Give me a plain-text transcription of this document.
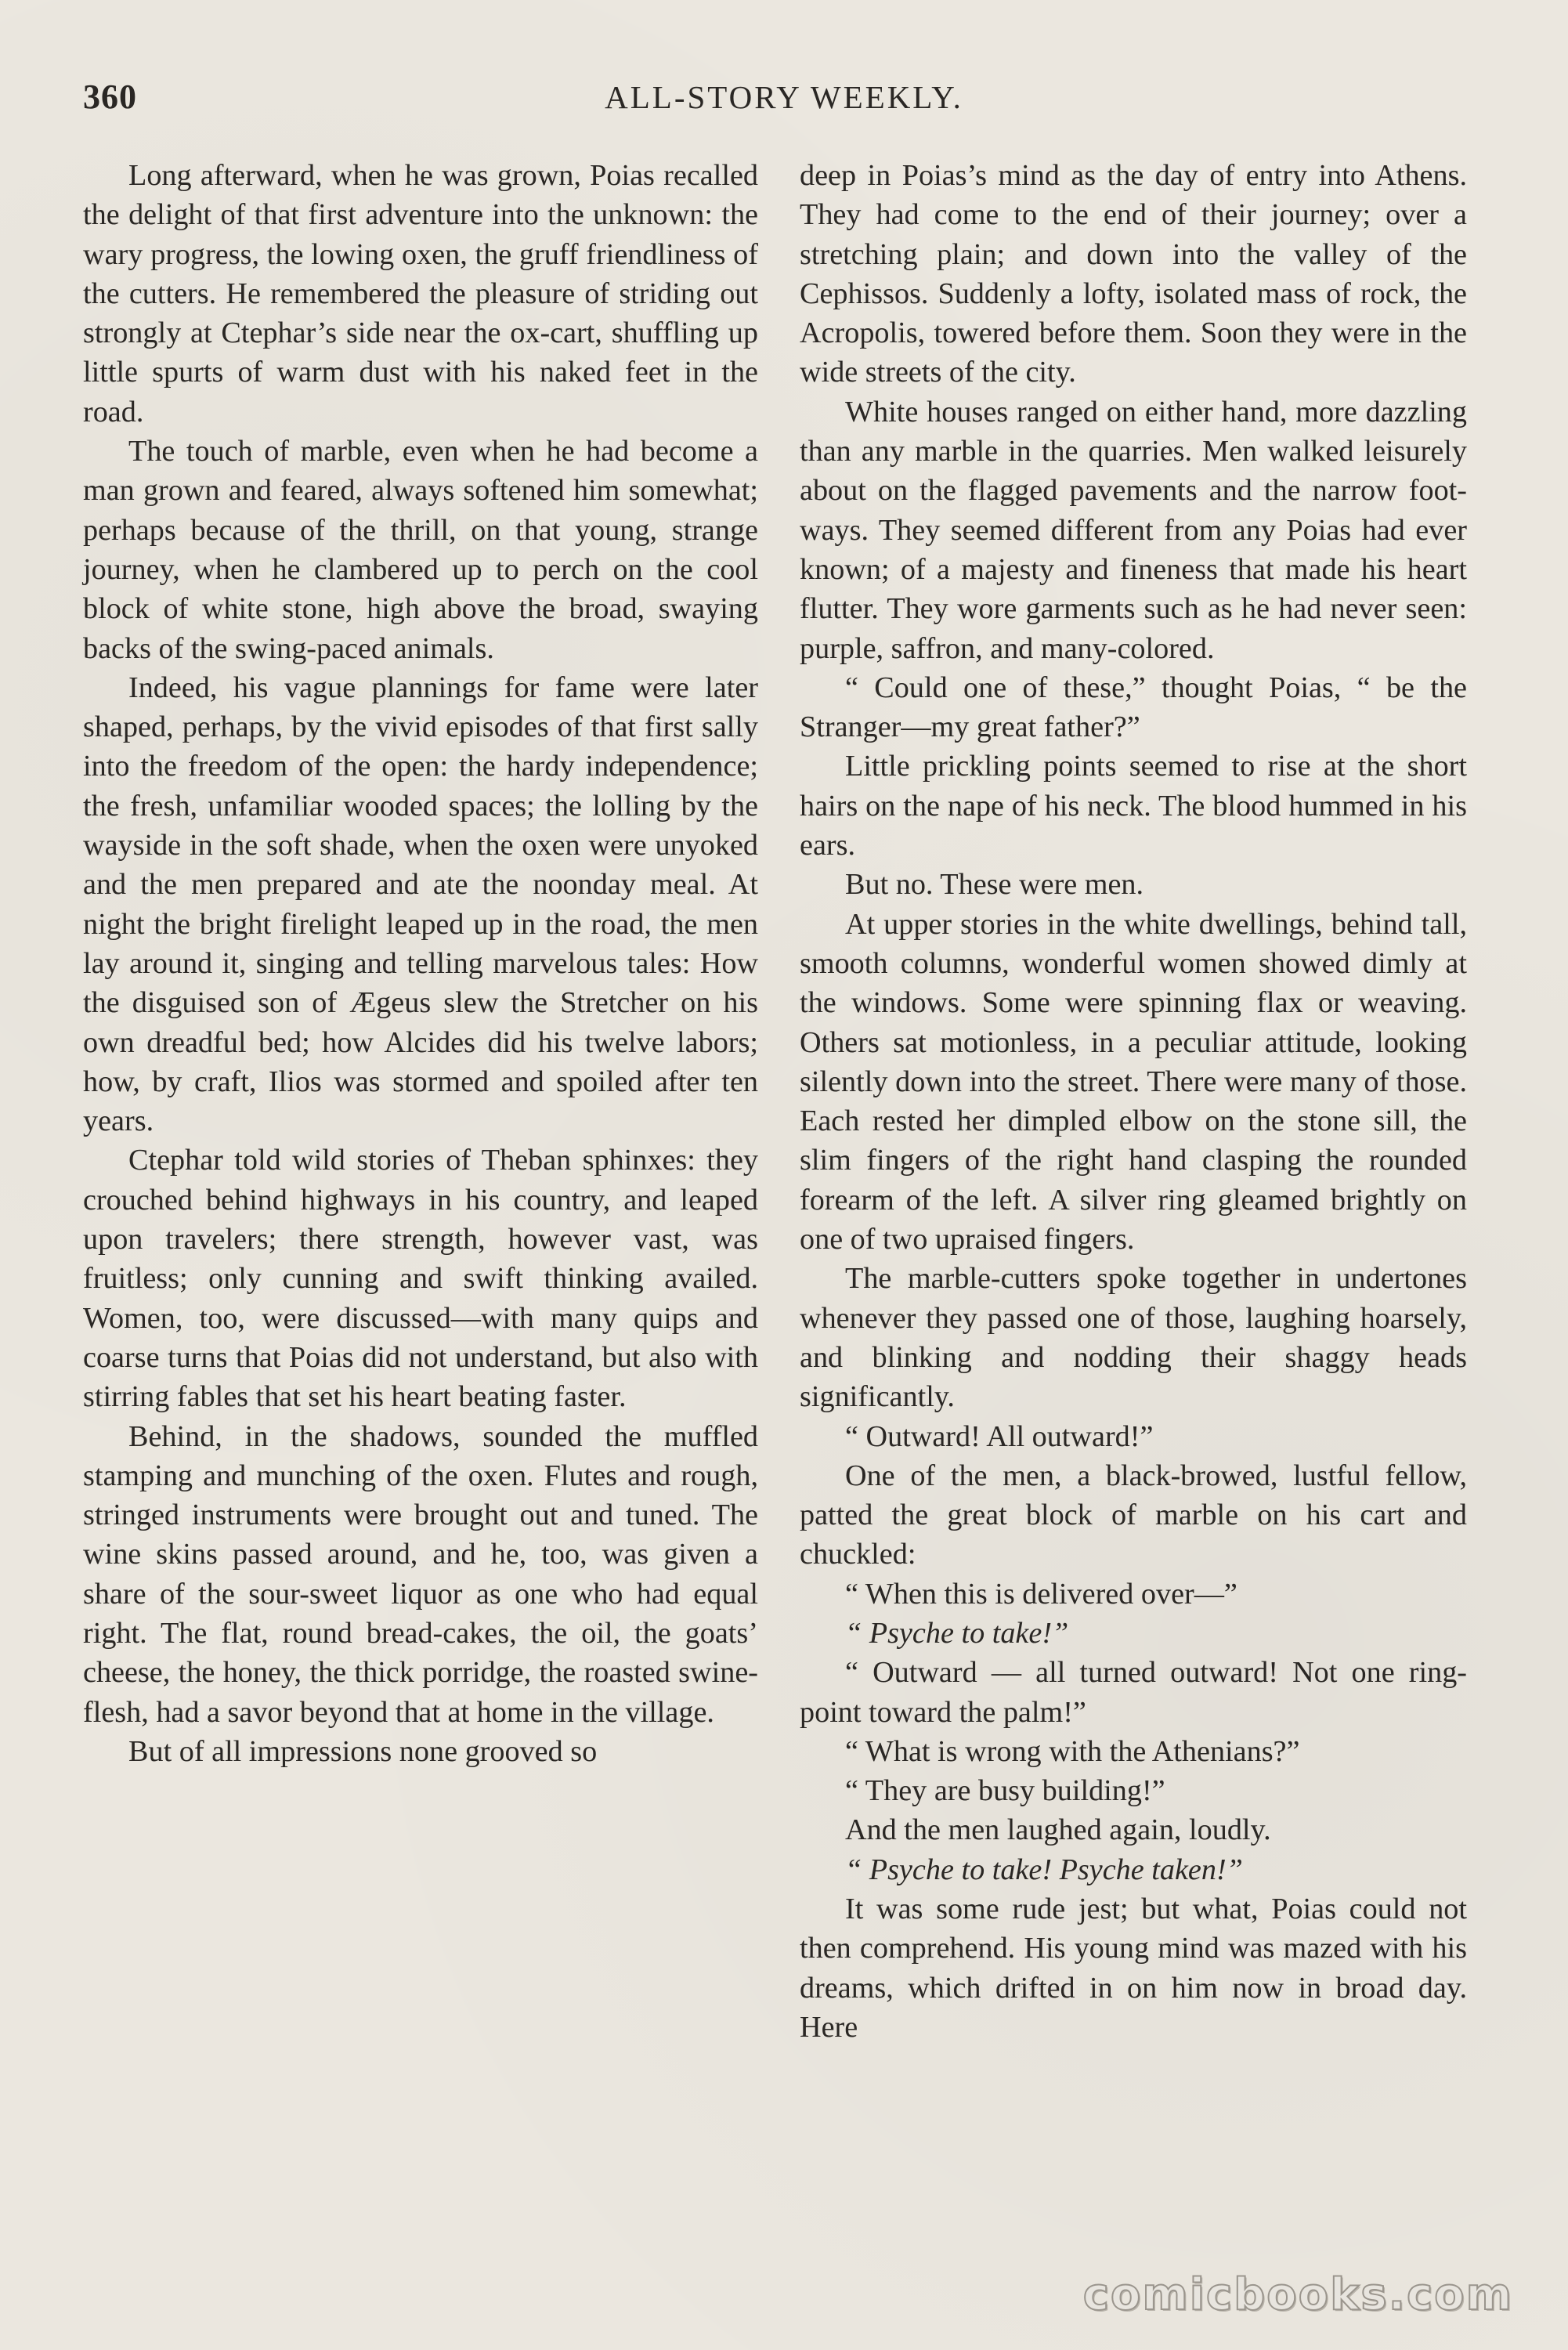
360	ALL-STORY WEEKLY.

Long afterward, when he was grown, Poias recalled the delight of that first adventure into the unknown: the wary progress, the lowing oxen, the gruff friendliness of the cutters. He remembered the pleasure of striding out strongly at Ctephar’s side near the ox-cart, shuffling up little spurts of warm dust with his naked feet in the road.

The touch of marble, even when he had become a man grown and feared, always softened him somewhat; perhaps because of the thrill, on that young, strange journey, when he clambered up to perch on the cool block of white stone, high above the broad, swaying backs of the swing-paced animals.

Indeed, his vague plannings for fame were later shaped, perhaps, by the vivid episodes of that first sally into the freedom of the open: the hardy independence; the fresh, unfamiliar wooded spaces; the lolling by the wayside in the soft shade, when the oxen were unyoked and the men prepared and ate the noonday meal. At night the bright firelight leaped up in the road, the men lay around it, singing and telling marvelous tales: How the disguised son of Ægeus slew the Stretcher on his own dreadful bed; how Alcides did his twelve labors; how, by craft, Ilios was stormed and spoiled after ten years.

Ctephar told wild stories of Theban sphinxes: they crouched behind highways in his country, and leaped upon travelers; there strength, however vast, was fruitless; only cunning and swift thinking availed. Women, too, were discussed—with many quips and coarse turns that Poias did not understand, but also with stirring fables that set his heart beating faster.

Behind, in the shadows, sounded the muffled stamping and munching of the oxen. Flutes and rough, stringed instruments were brought out and tuned. The wine skins passed around, and he, too, was given a share of the sour-sweet liquor as one who had equal right. The flat, round bread-cakes, the oil, the goats’ cheese, the honey, the thick porridge, the roasted swine-flesh, had a savor beyond that at home in the village.

But of all impressions none grooved so

deep in Poias’s mind as the day of entry into Athens. They had come to the end of their journey; over a stretching plain; and down into the valley of the Cephissos. Suddenly a lofty, isolated mass of rock, the Acropolis, towered before them. Soon they were in the wide streets of the city.

White houses ranged on either hand, more dazzling than any marble in the quarries. Men walked leisurely about on the flagged pavements and the narrow footways. They seemed different from any Poias had ever known; of a majesty and fineness that made his heart flutter. They wore garments such as he had never seen: purple, saffron, and many-colored.

“ Could one of these,” thought Poias, “ be the Stranger—my great father?”

Little prickling points seemed to rise at the short hairs on the nape of his neck. The blood hummed in his ears.

But no. These were men.

At upper stories in the white dwellings, behind tall, smooth columns, wonderful women showed dimly at the windows. Some were spinning flax or weaving. Others sat motionless, in a peculiar attitude, looking silently down into the street. There were many of those. Each rested her dimpled elbow on the stone sill, the slim fingers of the right hand clasping the rounded forearm of the left. A silver ring gleamed brightly on one of two upraised fingers.

The marble-cutters spoke together in undertones whenever they passed one of those, laughing hoarsely, and blinking and nodding their shaggy heads significantly.

“ Outward! All outward!”

One of the men, a black-browed, lustful fellow, patted the great block of marble on his cart and chuckled:

“ When this is delivered over—”

“ Psyche to take!”

“ Outward — all turned outward! Not one ring-point toward the palm!”

“ What is wrong with the Athenians?”

“ They are busy building!”

And the men laughed again, loudly.

“ Psyche to take! Psyche taken!”

It was some rude jest; but what, Poias could not then comprehend. His young mind was mazed with his dreams, which drifted in on him now in broad day. Here

comicbooks.com
